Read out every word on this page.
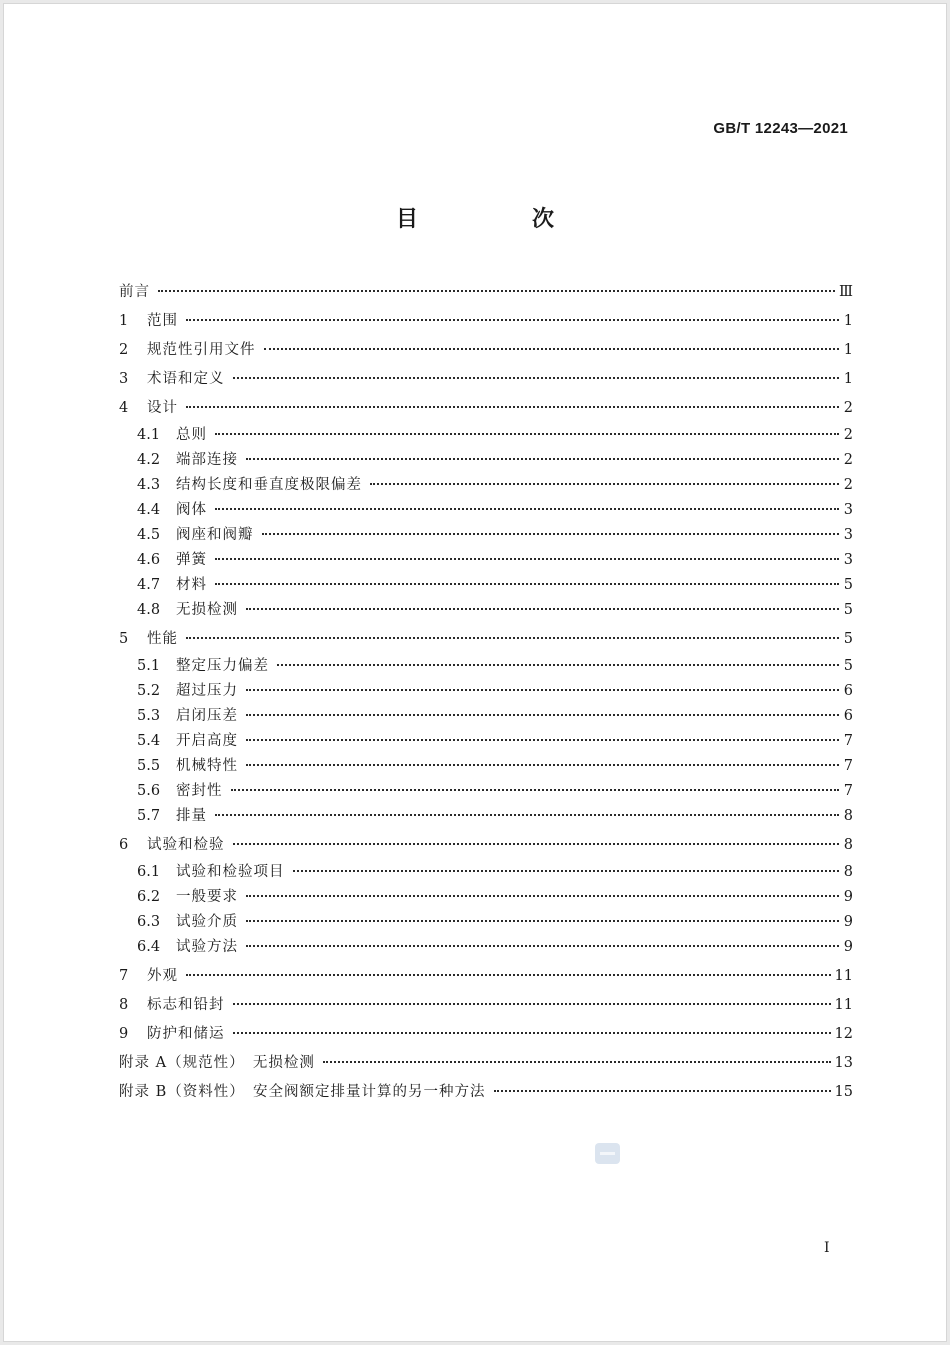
GB/T 12243—2021
目　次
前言	Ⅲ
1	范围	1
2	规范性引用文件	1
3	术语和定义	1
4	设计	2
4.1	总则	2
4.2	端部连接	2
4.3	结构长度和垂直度极限偏差	2
4.4	阀体	3
4.5	阀座和阀瓣	3
4.6	弹簧	3
4.7	材料	5
4.8	无损检测	5
5	性能	5
5.1	整定压力偏差	5
5.2	超过压力	6
5.3	启闭压差	6
5.4	开启高度	7
5.5	机械特性	7
5.6	密封性	7
5.7	排量	8
6	试验和检验	8
6.1	试验和检验项目	8
6.2	一般要求	9
6.3	试验介质	9
6.4	试验方法	9
7	外观	11
8	标志和铅封	11
9	防护和储运	12
附录 A（规范性）　无损检测	13
附录 B（资料性）　安全阀额定排量计算的另一种方法	15
I
